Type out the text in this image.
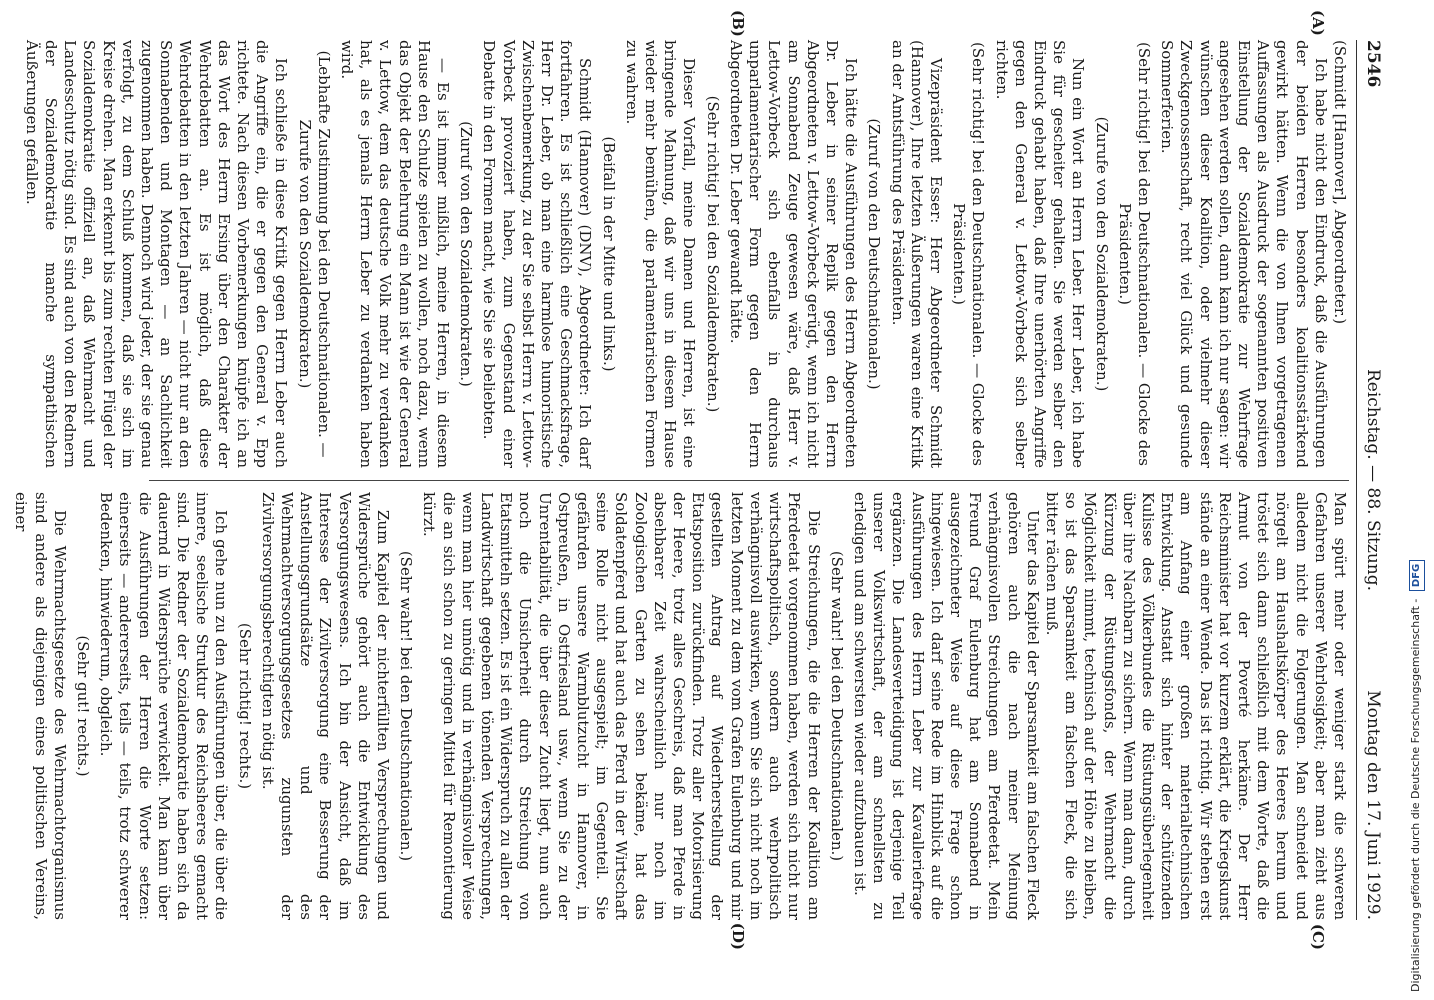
2546
Reichstag. — 88. Sitzung.
Montag den 17. Juni 1929.
(A)
(B)
(C)
(D)

(Schmidt [Hannover], Abgeordneter.)

Ich habe nicht den Eindruck, daß die Ausführungen der beiden Herren besonders koalitionsstärkend gewirkt hätten. Wenn die von Ihnen vorgetragenen Auffassungen als Ausdruck der sogenannten positiven Einstellung der Sozialdemokratie zur Wehrfrage angesehen werden sollen, dann kann ich nur sagen: wir wünschen dieser Koalition, oder vielmehr dieser Zweckgenossenschaft, recht viel Glück und gesunde Sommerferien.

(Sehr richtig! bei den Deutschnationalen. — Glocke des Präsidenten.)

(Zurufe von den Sozialdemokraten.)

Nun ein Wort an Herrn Leber. Herr Leber, ich habe Sie für gescheiter gehalten. Sie werden selber den Eindruck gehabt haben, daß Ihre unerhörten Angriffe gegen den General v. Lettow-Vorbeck sich selber richten.

(Sehr richtig! bei den Deutschnationalen. — Glocke des Präsidenten.)

Vizepräsident Esser: Herr Abgeordneter Schmidt (Hannover), Ihre letzten Äußerungen waren eine Kritik an der Amtsführung des Präsidenten.

(Zuruf von den Deutschnationalen.)

Ich hätte die Ausführungen des Herrn Abgeordneten Dr. Leber in seiner Replik gegen den Herrn Abgeordneten v. Lettow-Vorbeck gerügt, wenn ich nicht am Sonnabend Zeuge gewesen wäre, daß Herr v. Lettow-Vorbeck sich ebenfalls in durchaus unparlamentarischer Form gegen den Herrn Abgeordneten Dr. Leber gewandt hätte.

(Sehr richtig! bei den Sozialdemokraten.)

Dieser Vorfall, meine Damen und Herren, ist eine bringende Mahnung, daß wir uns in diesem Hause wieder mehr bemühen, die parlamentarischen Formen zu wahren.

(Beifall in der Mitte und links.)

Schmidt (Hannover) (DNV), Abgeordneter: Ich darf fortfahren. Es ist schließlich eine Geschmacksfrage, Herr Dr. Leber, ob man eine harmlose humoristische Zwischenbemerkung, zu der Sie selbst Herrn v. Lettow-Vorbeck provoziert haben, zum Gegenstand einer Debatte in den Formen macht, wie Sie sie beliebten.

(Zuruf von den Sozialdemokraten.)

— Es ist immer mißlich, meine Herren, in diesem Hause den Schulze spielen zu wollen, noch dazu, wenn das Objekt der Belehrung ein Mann ist wie der General v. Lettow, dem das deutsche Volk mehr zu verdanken hat, als es jemals Herrn Leber zu verdanken haben wird.

(Lebhafte Zustimmung bei den Deutschnationalen. — Zurufe von den Sozialdemokraten.)

Ich schließe in diese Kritik gegen Herrn Leber auch die Angriffe ein, die er gegen den General v. Epp richtete. Nach diesen Vorbemerkungen knüpfe ich an das Wort des Herrn Ersing über den Charakter der Wehrdebatten an. Es ist möglich, daß diese Wehrdebatten in den letzten Jahren — nicht nur an den Sonnabenden und Montagen — an Sachlichkeit zugenommen haben. Dennoch wird jeder, der sie genau verfolgt, zu dem Schluß kommen, daß sie sich im Kreise drehen. Man erkennt bis zum rechten Flügel der Sozialdemokratie offiziell an, daß Wehrmacht und Landesschutz nötig sind. Es sind auch von den Rednern der Sozialdemokratie manche sympathischen Äußerungen gefallen.

Man spürt mehr oder weniger stark die schweren Gefahren unserer Wehrlosigkeit; aber man zieht aus alledem nicht die Folgerungen. Man schneidet und nörgelt am Haushaltskörper des Heeres herum und tröstet sich dann schließlich mit dem Worte, daß die Armut von der Poverté herkäme. Der Herr Reichsminister hat vor kurzem erklärt, die Kriegskunst stände an einer Wende. Das ist richtig. Wir stehen erst am Anfang einer großen materialtechnischen Entwicklung. Anstatt sich hinter der schützenden Kulisse des Völkerbundes die Rüstungsüberlegenheit über ihre Nachbarn zu sichern. Wenn man dann, durch Kürzung der Rüstungsfonds, der Wehrmacht die Möglichkeit nimmt, technisch auf der Höhe zu bleiben, so ist das Sparsamkeit am falschen Fleck, die sich bitter rächen muß.

Unter das Kapitel der Sparsamkeit am falschen Fleck gehören auch die nach meiner Meinung verhängnisvollen Streichungen am Pferdeetat. Mein Freund Graf Eulenburg hat am Sonnabend in ausgezeichneter Weise auf diese Frage schon hingewiesen. Ich darf seine Rede im Hinblick auf die Ausführungen des Herrn Leber zur Kavalleriefrage ergänzen. Die Landesverteidigung ist derjenige Teil unserer Volkswirtschaft, der am schnellsten zu erledigen und am schwersten wieder aufzubauen ist.

(Sehr wahr! bei den Deutschnationalen.)

Die Streichungen, die die Herren der Koalition am Pferdeetat vorgenommen haben, werden sich nicht nur wirtschaftspolitisch, sondern auch wehrpolitisch verhängnisvoll auswirken, wenn Sie sich nicht noch im letzten Moment zu dem vom Grafen Eulenburg und mir gestellten Antrag auf Wiederherstellung der Etatsposition zurückfinden. Trotz aller Motorisierung der Heere, trotz alles Geschreis, daß man Pferde in absehbarer Zeit wahrscheinlich nur noch im Zoologischen Garten zu sehen bekäme, hat das Soldatenpferd und hat auch das Pferd in der Wirtschaft seine Rolle nicht ausgespielt; im Gegenteil. Sie gefährden unsere Warmblutzucht in Hannover, in Ostpreußen, in Ostfriesland usw., wenn Sie zu der Unrentabilität, die über dieser Zucht liegt, nun auch noch die Unsicherheit durch Streichung von Etatsmitteln setzen. Es ist ein Widerspruch zu allen der Landwirtschaft gegebenen tönenden Versprechungen, wenn man hier unnötig und in verhängnisvoller Weise die an sich schon zu geringen Mittel für Remontierung kürzt.

(Sehr wahr! bei den Deutschnationalen.)

Zum Kapitel der nichterfüllten Versprechungen und Widersprüche gehört auch die Entwicklung des Versorgungswesens. Ich bin der Ansicht, daß im Interesse der Zivilversorgung eine Besserung der Anstellungsgrundsätze und des Wehrmachtversorgungsgesetzes zugunsten der Zivilversorgungsberechtigten nötig ist.

(Sehr richtig! rechts.)

Ich gehe nun zu den Ausführungen über, die über die innere, seelische Struktur des Reichsheeres gemacht sind. Die Redner der Sozialdemokratie haben sich da dauernd in Widersprüche verwickelt. Man kann über die Ausführungen der Herren die Worte setzen: einerseits — andererseits, teils — teils, trotz schwerer Bedenken, hinwiederum, obgleich.

(Sehr gut! rechts.)

Die Wehrmachtsgesetze des Wehrmachtorganismus sind andere als diejenigen eines politischen Vereins, einer

Digitalisierung gefördert durch die Deutsche Forschungsgemeinschaft - DFG
